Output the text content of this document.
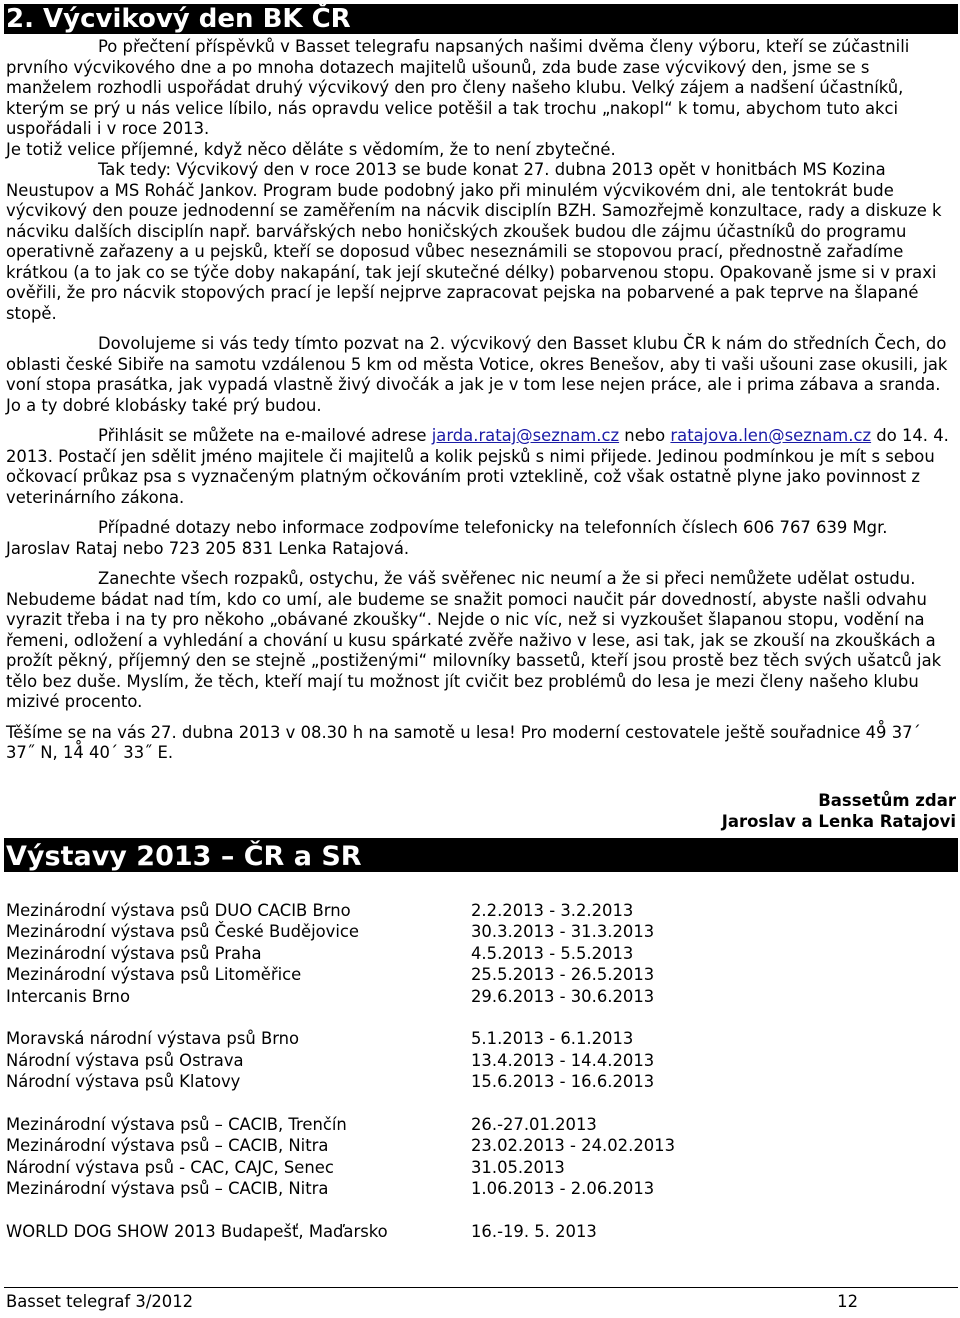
2. Výcvikový den BK ČR

Po přečtení příspěvků v Basset telegrafu napsaných našimi dvěma členy výboru, kteří se zúčastnili prvního výcvikového dne a po mnoha dotazech majitelů ušounů, zda bude zase výcvikový den, jsme se s manželem rozhodli uspořádat druhý výcvikový den pro členy našeho klubu. Velký zájem a nadšení účastníků, kterým se prý u nás velice líbilo, nás opravdu velice potěšil a tak trochu „nakopl“ k tomu, abychom tuto akci uspořádali i v roce 2013.

Je totiž velice příjemné, když něco děláte s vědomím, že to není zbytečné.

Tak tedy: Výcvikový den v roce 2013 se bude konat 27. dubna 2013 opět v honitbách MS Kozina Neustupov a MS Roháč Jankov. Program bude podobný jako při minulém výcvikovém dni, ale tentokrát bude výcvikový den pouze jednodenní se zaměřením na nácvik disciplín BZH. Samozřejmě konzultace, rady a diskuze k nácviku dalších disciplín např. barvářských nebo honičských zkoušek budou dle zájmu účastníků do programu operativně zařazeny a u pejsků, kteří se doposud vůbec neseznámili se stopovou prací, přednostně zařadíme krátkou (a to jak co se týče doby nakapání, tak její skutečné délky) pobarvenou stopu. Opakovaně jsme si v praxi ověřili, že pro nácvik stopových prací je lepší nejprve zapracovat pejska na pobarvené a pak teprve na šlapané stopě.

Dovolujeme si vás tedy tímto pozvat na 2. výcvikový den Basset klubu ČR k nám do středních Čech, do oblasti české Sibiře na samotu vzdálenou 5 km od města Votice, okres Benešov, aby ti vaši ušouni zase okusili, jak voní stopa prasátka, jak vypadá vlastně živý divočák a jak je v tom lese nejen práce, ale i prima zábava a sranda. Jo a ty dobré klobásky také prý budou.

Přihlásit se můžete na e-mailové adrese jarda.rataj@seznam.cz nebo ratajova.len@seznam.cz do 14. 4. 2013. Postačí jen sdělit jméno majitele či majitelů a kolik pejsků s nimi přijede. Jedinou podmínkou je mít s sebou očkovací průkaz psa s vyznačeným platným očkováním proti vzteklině, což však ostatně plyne jako povinnost z veterinárního zákona.

Případné dotazy nebo informace zodpovíme telefonicky na telefonních číslech 606 767 639 Mgr. Jaroslav Rataj nebo 723 205 831 Lenka Ratajová.

Zanechte všech rozpaků, ostychu, že váš svěřenec nic neumí a že si přeci nemůžete udělat ostudu. Nebudeme bádat nad tím, kdo co umí, ale budeme se snažit pomoci naučit pár dovedností, abyste našli odvahu vyrazit třeba i na ty pro někoho „obávané zkoušky“. Nejde o nic víc, než si vyzkoušet šlapanou stopu, vodění na řemeni, odložení a vyhledání a chování u kusu spárkaté zvěře naživo v lese, asi tak, jak se zkouší na zkouškách a prožít pěkný, příjemný den se stejně „postiženými“ milovníky bassetů, kteří jsou prostě bez těch svých ušatců jak tělo bez duše. Myslím, že těch, kteří mají tu možnost jít cvičit bez problémů do lesa je mezi členy našeho klubu mizivé procento.

Těšíme se na vás 27. dubna 2013 v 08.30 h na samotě u lesa! Pro moderní cestovatele ještě souřadnice 49̊ 37´ 37˝ N, 14̊ 40´ 33˝ E.

Bassetům zdar
Jaroslav a Lenka Ratajovi
Výstavy 2013 – ČR a SR
Mezinárodní výstava psů DUO CACIB Brno	2.2.2013 - 3.2.2013
Mezinárodní výstava psů České Budějovice	30.3.2013 - 31.3.2013
Mezinárodní výstava psů Praha	4.5.2013 - 5.5.2013
Mezinárodní výstava psů Litoměřice	25.5.2013 - 26.5.2013
Intercanis Brno	29.6.2013 - 30.6.2013
Moravská národní výstava psů Brno	5.1.2013 - 6.1.2013
Národní výstava psů Ostrava	13.4.2013 - 14.4.2013
Národní výstava psů Klatovy	15.6.2013 - 16.6.2013
Mezinárodní výstava psů – CACIB, Trenčín	26.-27.01.2013
Mezinárodní výstava psů – CACIB, Nitra	23.02.2013 - 24.02.2013
Národní výstava psů - CAC, CAJC, Senec	31.05.2013
Mezinárodní výstava psů – CACIB, Nitra	1.06.2013 - 2.06.2013
WORLD DOG SHOW 2013 Budapešť, Maďarsko	16.-19. 5. 2013
Basset telegraf 3/2012	12
